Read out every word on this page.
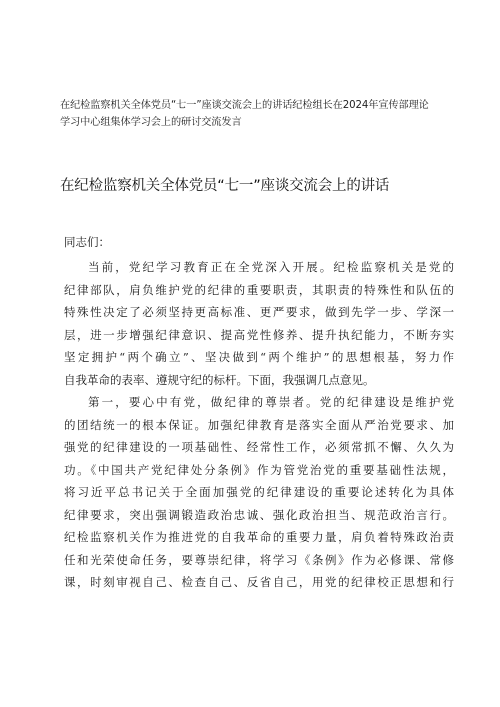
在纪检监察机关全体党员“七一”座谈交流会上的讲话纪检组长在2024年宣传部理论
学习中心组集体学习会上的研讨交流发言
在纪检监察机关全体党员“七一”座谈交流会上的讲话
同志们：
当前，党纪学习教育正在全党深入开展。纪检监察机关是党的
纪律部队，肩负维护党的纪律的重要职责，其职责的特殊性和队伍的
特殊性决定了必须坚持更高标准、更严要求，做到先学一步、学深一
层，进一步增强纪律意识、提高党性修养、提升执纪能力，不断夯实
坚定拥护“两个确立”、坚决做到“两个维护”的思想根基，努力作
自我革命的表率、遵规守纪的标杆。下面，我强调几点意见。
第一，要心中有党，做纪律的尊崇者。党的纪律建设是维护党
的团结统一的根本保证。加强纪律教育是落实全面从严治党要求、加
强党的纪律建设的一项基础性、经常性工作，必须常抓不懈、久久为
功。《中国共产党纪律处分条例》作为管党治党的重要基础性法规，
将习近平总书记关于全面加强党的纪律建设的重要论述转化为具体
纪律要求，突出强调锻造政治忠诚、强化政治担当、规范政治言行。
纪检监察机关作为推进党的自我革命的重要力量，肩负着特殊政治责
任和光荣使命任务，要尊崇纪律，将学习《条例》作为必修课、常修
课，时刻审视自己、检查自己、反省自己，用党的纪律校正思想和行
